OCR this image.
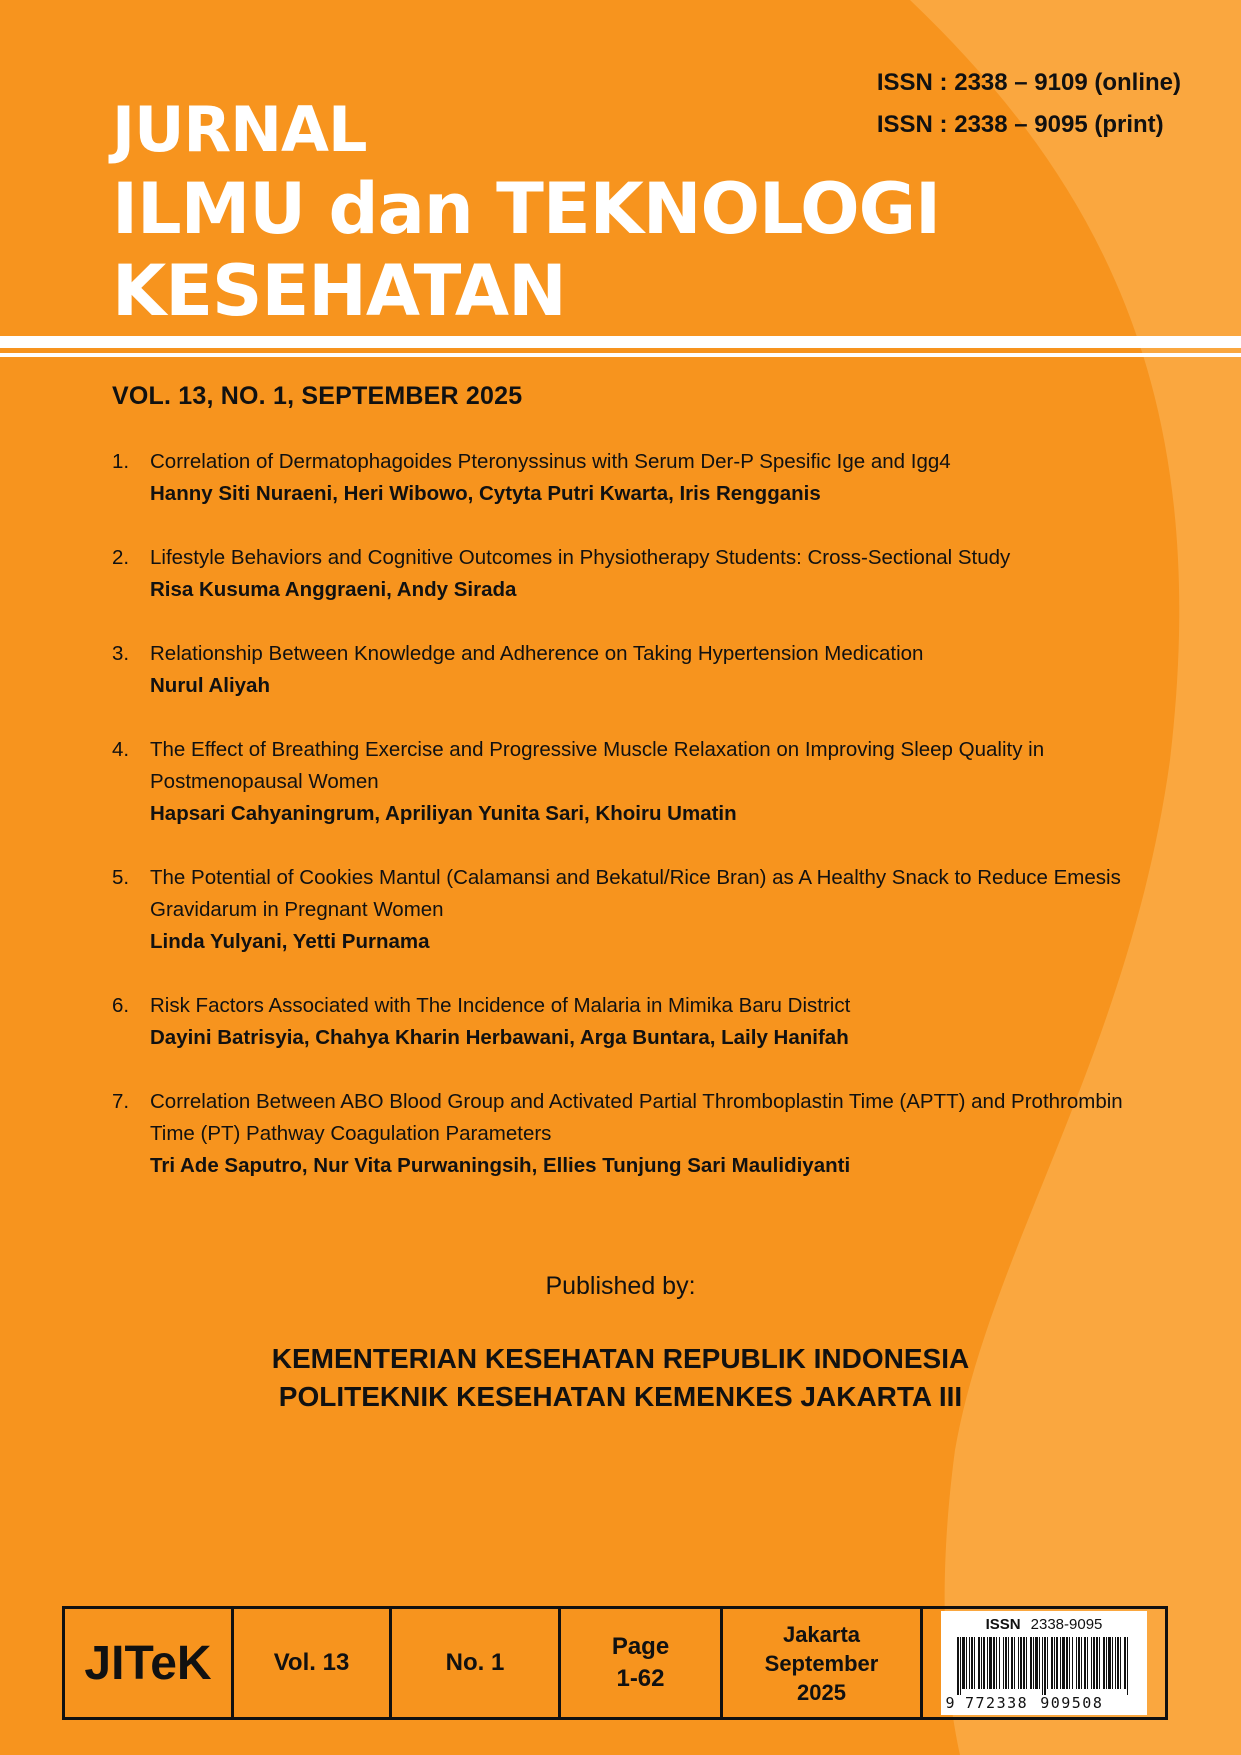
ISSN : 2338 – 9109 (online)
ISSN : 2338 – 9095 (print)
JURNAL
ILMU dan TEKNOLOGI
KESEHATAN
VOL. 13, NO. 1, SEPTEMBER 2025
1. Correlation of Dermatophagoides Pteronyssinus with Serum Der-P Spesific Ige and Igg4
Hanny Siti Nuraeni, Heri Wibowo, Cytyta Putri Kwarta, Iris Rengganis
2. Lifestyle Behaviors and Cognitive Outcomes in Physiotherapy Students: Cross-Sectional Study
Risa Kusuma Anggraeni, Andy Sirada
3. Relationship Between Knowledge and Adherence on Taking Hypertension Medication
Nurul Aliyah
4. The Effect of Breathing Exercise and Progressive Muscle Relaxation on Improving Sleep Quality in Postmenopausal Women
Hapsari Cahyaningrum, Apriliyan Yunita Sari, Khoiru Umatin
5. The Potential of Cookies Mantul (Calamansi and Bekatul/Rice Bran) as A Healthy Snack to Reduce Emesis Gravidarum in Pregnant Women
Linda Yulyani, Yetti Purnama
6. Risk Factors Associated with The Incidence of Malaria in Mimika Baru District
Dayini Batrisyia, Chahya Kharin Herbawani, Arga Buntara, Laily Hanifah
7. Correlation Between ABO Blood Group and Activated Partial Thromboplastin Time (APTT) and Prothrombin Time (PT) Pathway Coagulation Parameters
Tri Ade Saputro, Nur Vita Purwaningsih, Ellies Tunjung Sari Maulidiyanti
Published by:
KEMENTERIAN KESEHATAN REPUBLIK INDONESIA
POLITEKNIK KESEHATAN KEMENKES JAKARTA III
JITeK	Vol. 13	No. 1
Page
1-62
Jakarta
September
2025
ISSN 2338-9095
9 772338 909508
